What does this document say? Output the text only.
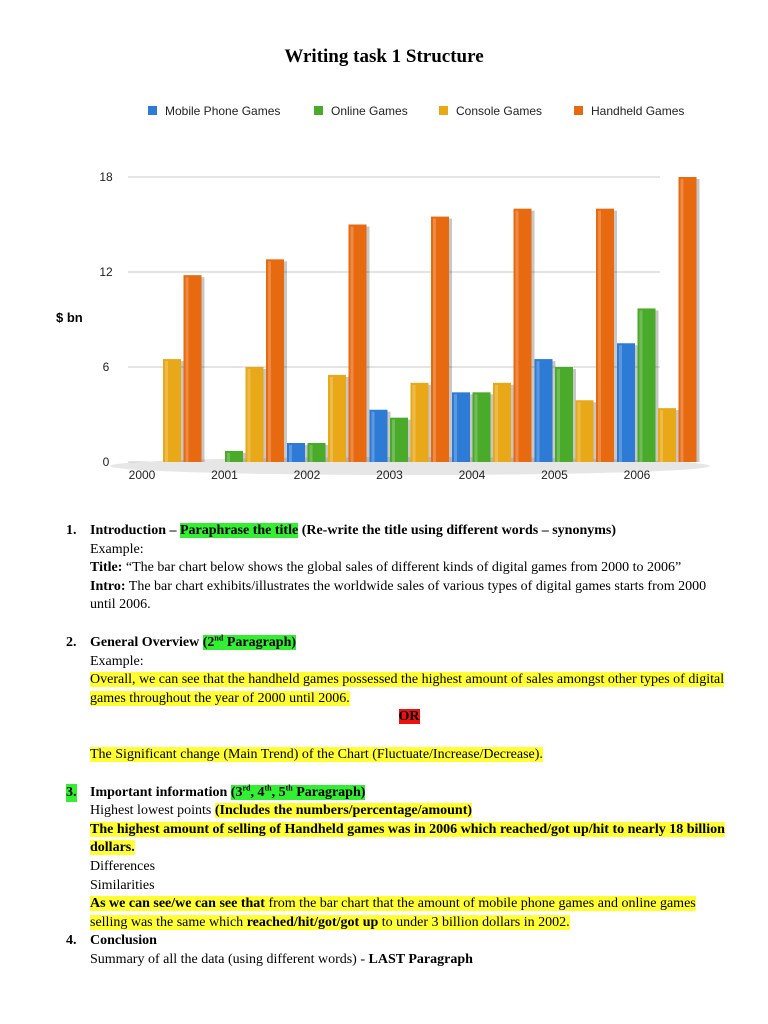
Writing task 1 Structure
Mobile Phone Games	Online Games	Console Games	Handheld Games
$ bn
0
6
12
18
2000	2001	2002	2003	2004	2005	2006
1. Introduction – Paraphrase the title (Re-write the title using different words – synonyms)
Example:
Title: “The bar chart below shows the global sales of different kinds of digital games from 2000 to 2006”
Intro: The bar chart exhibits/illustrates the worldwide sales of various types of digital games starts from 2000 until 2006.
2. General Overview (2nd Paragraph)
Example:
Overall, we can see that the handheld games possessed the highest amount of sales amongst other types of digital games throughout the year of 2000 until 2006.
OR
The Significant change (Main Trend) of the Chart (Fluctuate/Increase/Decrease).
3. Important information (3rd, 4th, 5th Paragraph)
Highest lowest points (Includes the numbers/percentage/amount)
The highest amount of selling of Handheld games was in 2006 which reached/got up/hit to nearly 18 billion dollars.
Differences
Similarities
As we can see/we can see that from the bar chart that the amount of mobile phone games and online games selling was the same which reached/hit/got/got up to under 3 billion dollars in 2002.
4. Conclusion
Summary of all the data (using different words) - LAST Paragraph
